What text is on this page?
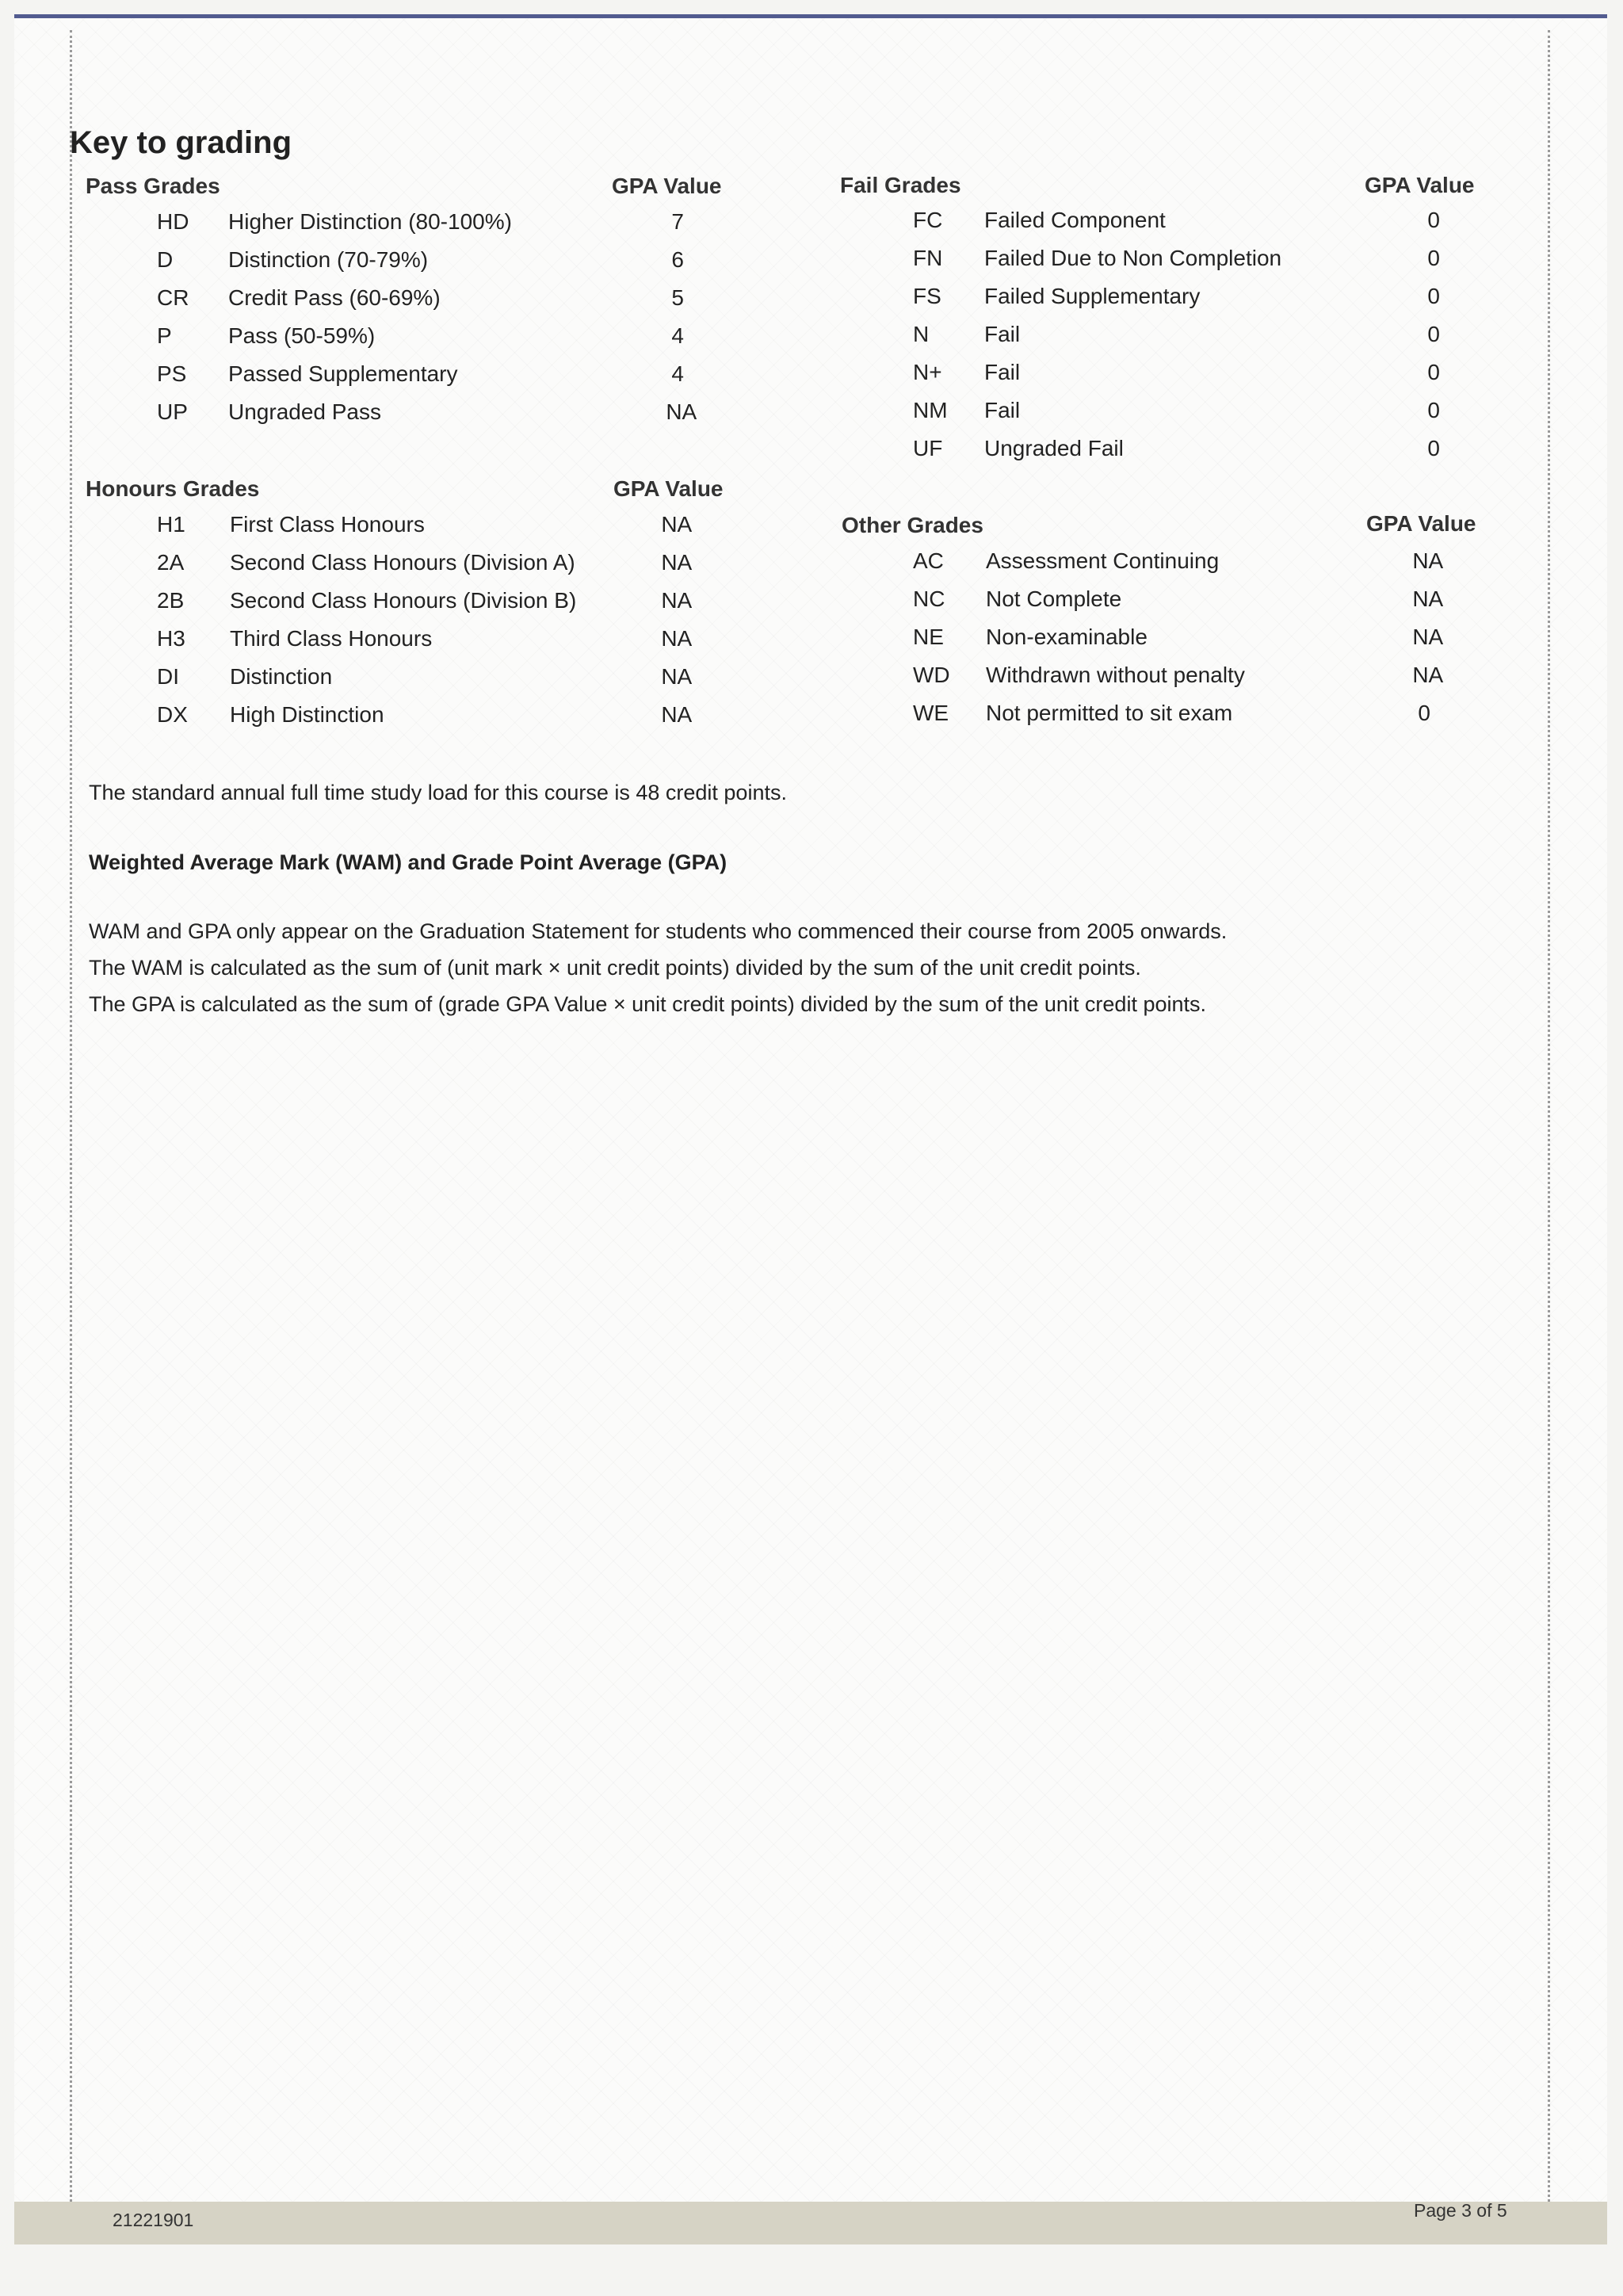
Key to grading
Pass Grades	GPA Value
HD Higher Distinction (80-100%)	7
D Distinction (70-79%)	6
CR Credit Pass (60-69%)	5
P	Pass (50-59%)	4
PS Passed Supplementary	4
UP Ungraded Pass	NA
Fail Grades	GPA Value
FC Failed Component	0
FN Failed Due to Non Completion	0
FS Failed Supplementary	0
N Fail	0
N+ Fail	0
NM Fail	0
UF Ungraded Fail	0
Honours Grades	GPA Value
H1 First Class Honours	NA
2A Second Class Honours (Division A)	NA
2B Second Class Honours (Division B)	NA
H3 Third Class Honours	NA
DI Distinction	NA
DX High Distinction	NA
Other Grades	GPA Value
AC Assessment Continuing	NA
NC Not Complete	NA
NE Non-examinable	NA
WD Withdrawn without penalty	NA
WE Not permitted to sit exam	0
The standard annual full time study load for this course is 48 credit points.
Weighted Average Mark (WAM) and Grade Point Average (GPA)
WAM and GPA only appear on the Graduation Statement for students who commenced their course from 2005 onwards.
The WAM is calculated as the sum of (unit mark × unit credit points) divided by the sum of the unit credit points.
The GPA is calculated as the sum of (grade GPA Value × unit credit points) divided by the sum of the unit credit points.
21221901	Page 3 of 5
